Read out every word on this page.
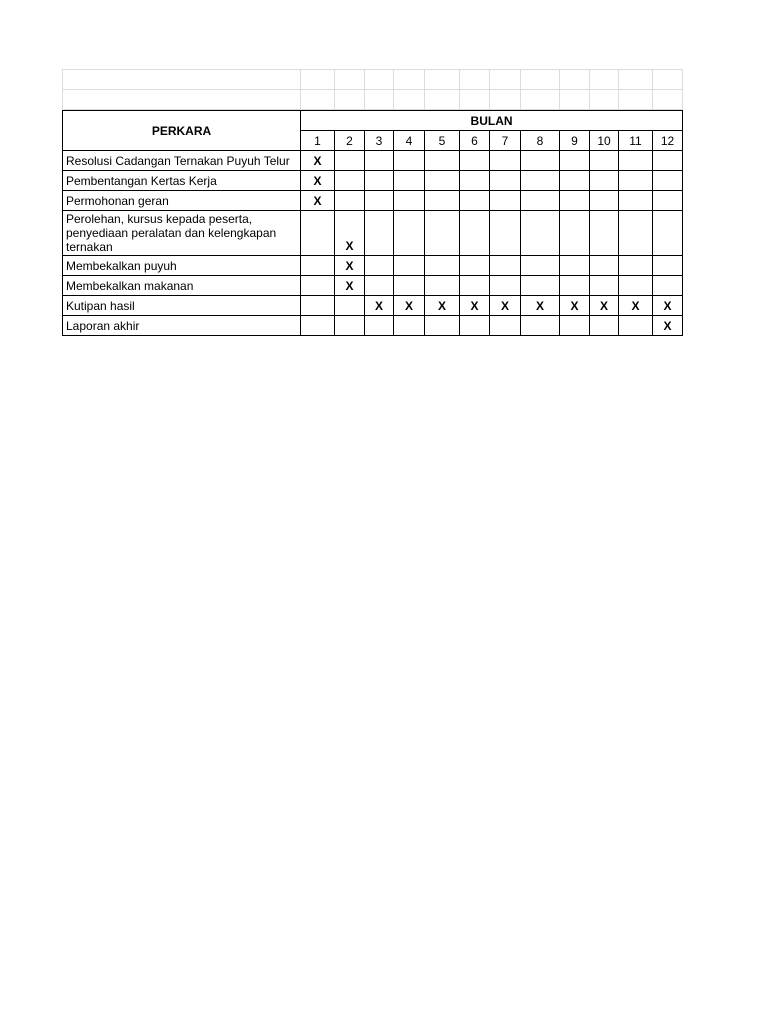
PERKARA	BULAN											
	1	2	3	4	5	6	7	8	9	10	11	12
Resolusi Cadangan Ternakan Puyuh Telur	X											
Pembentangan Kertas Kerja	X											
Permohonan geran	X											
Perolehan, kursus kepada peserta, penyediaan peralatan dan kelengkapan ternakan		X										
Membekalkan puyuh		X										
Membekalkan makanan		X										
Kutipan hasil			X	X	X	X	X	X	X	X	X	X
Laporan akhir												X
